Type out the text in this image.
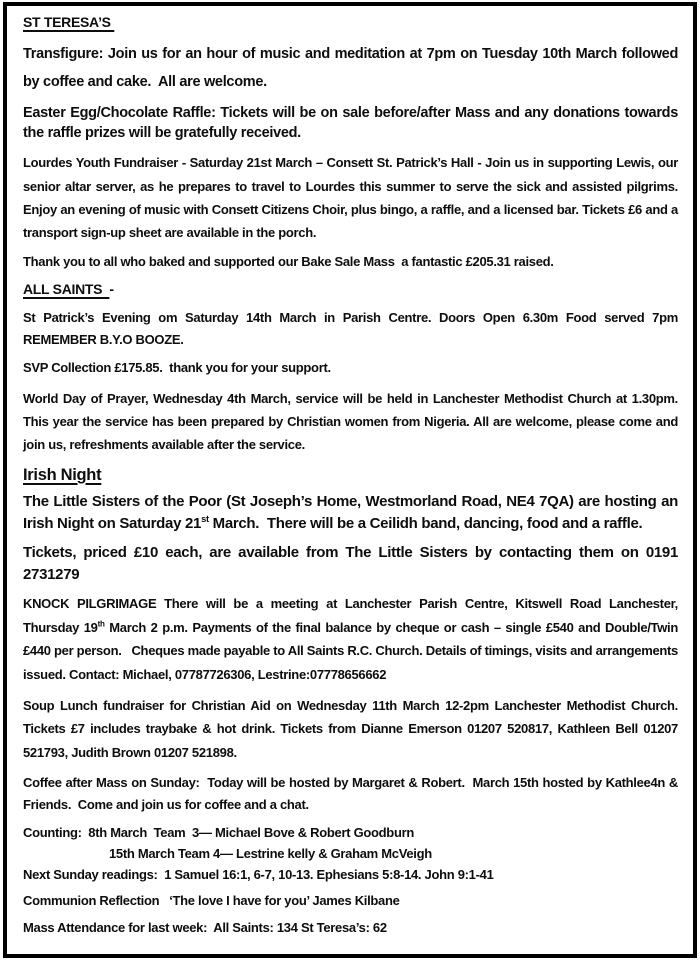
ST TERESA’S

Transfigure: Join us for an hour of music and meditation at 7pm on Tuesday 10th March followed by coffee and cake.  All are welcome.

Easter Egg/Chocolate Raffle: Tickets will be on sale before/after Mass and any donations towards the raffle prizes will be gratefully received.

Lourdes Youth Fundraiser - Saturday 21st March – Consett St. Patrick’s Hall - Join us in supporting Lewis, our senior altar server, as he prepares to travel to Lourdes this summer to serve the sick and assisted pilgrims. Enjoy an evening of music with Consett Citizens Choir, plus bingo, a raffle, and a licensed bar. Tickets £6 and a transport sign-up sheet are available in the porch.

Thank you to all who baked and supported our Bake Sale Mass  a fantastic £205.31 raised.

ALL SAINTS  -

St Patrick’s Evening om Saturday 14th March in Parish Centre. Doors Open 6.30m Food served 7pm REMEMBER B.Y.O BOOZE.

SVP Collection £175.85.  thank you for your support.

World Day of Prayer, Wednesday 4th March, service will be held in Lanchester Methodist Church at 1.30pm. This year the service has been prepared by Christian women from Nigeria. All are welcome, please come and join us, refreshments available after the service.

Irish Night

The Little Sisters of the Poor (St Joseph’s Home, Westmorland Road, NE4 7QA) are hosting an Irish Night on Saturday 21st March.  There will be a Ceilidh band, dancing, food and a raffle.

Tickets, priced £10 each, are available from The Little Sisters by contacting them on 0191 2731279

KNOCK PILGRIMAGE There will be a meeting at Lanchester Parish Centre, Kitswell Road Lanchester, Thursday 19th March 2 p.m. Payments of the final balance by cheque or cash – single £540 and Double/Twin £440 per person.   Cheques made payable to All Saints R.C. Church. Details of timings, visits and arrangements issued. Contact: Michael, 07787726306, Lestrine:07778656662

Soup Lunch fundraiser for Christian Aid on Wednesday 11th March 12-2pm Lanchester Methodist Church. Tickets £7 includes traybake & hot drink. Tickets from Dianne Emerson 01207 520817, Kathleen Bell 01207 521793, Judith Brown 01207 521898.

Coffee after Mass on Sunday:  Today will be hosted by Margaret & Robert.  March 15th hosted by Kathlee4n & Friends.  Come and join us for coffee and a chat.

Counting:  8th March  Team  3— Michael Bove & Robert Goodburn

15th March Team 4— Lestrine kelly & Graham McVeigh

Next Sunday readings:  1 Samuel 16:1, 6-7, 10-13. Ephesians 5:8-14. John 9:1-41

Communion Reflection   ‘The love I have for you’ James Kilbane

Mass Attendance for last week:  All Saints: 134 St Teresa’s: 62
